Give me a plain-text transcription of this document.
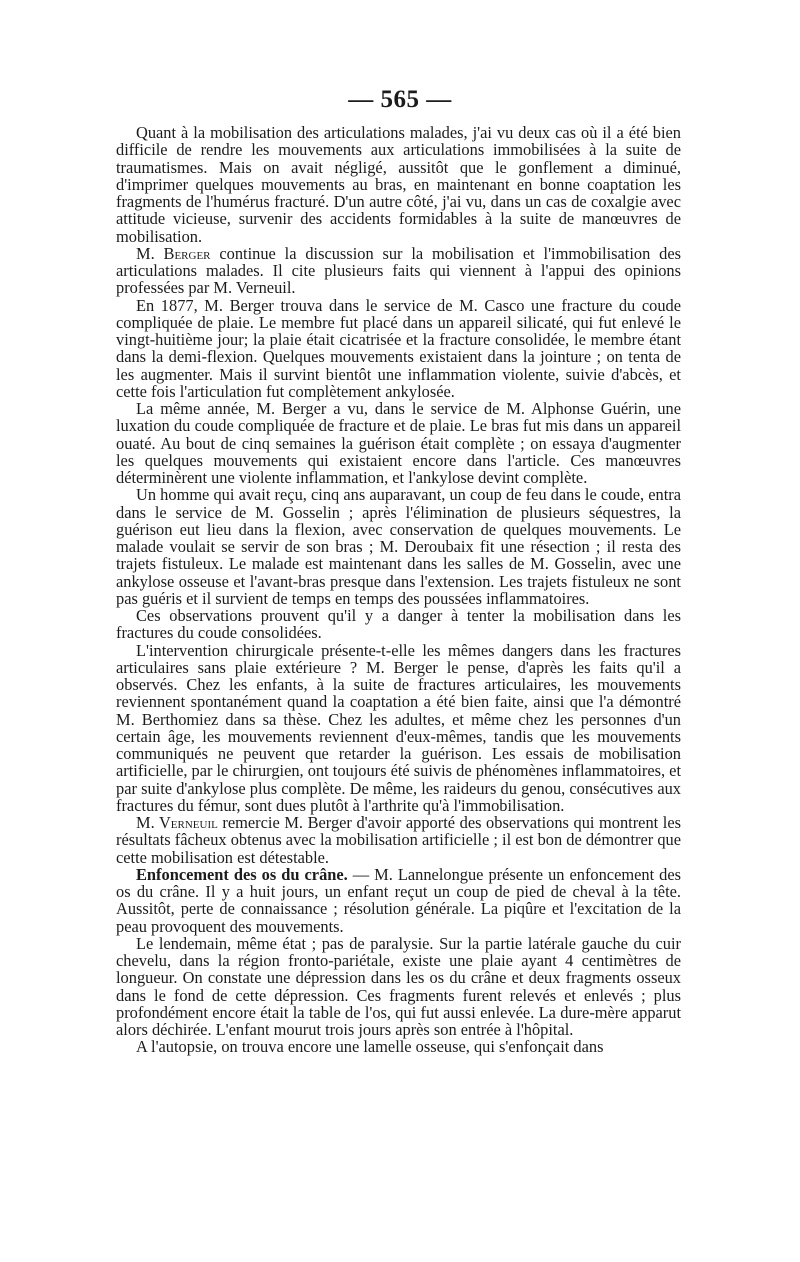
— 565 —

Quant à la mobilisation des articulations malades, j'ai vu deux cas où il a été bien difficile de rendre les mouvements aux articulations immobilisées à la suite de traumatismes. Mais on avait négligé, aussitôt que le gonflement a diminué, d'imprimer quelques mouvements au bras, en maintenant en bonne coaptation les fragments de l'humérus fracturé. D'un autre côté, j'ai vu, dans un cas de coxalgie avec attitude vicieuse, survenir des accidents formidables à la suite de manœuvres de mobilisation.

M. Berger continue la discussion sur la mobilisation et l'immobilisation des articulations malades. Il cite plusieurs faits qui viennent à l'appui des opinions professées par M. Verneuil.

En 1877, M. Berger trouva dans le service de M. Casco une fracture du coude compliquée de plaie. Le membre fut placé dans un appareil silicaté, qui fut enlevé le vingt-huitième jour; la plaie était cicatrisée et la fracture consolidée, le membre étant dans la demi-flexion. Quelques mouvements existaient dans la jointure ; on tenta de les augmenter. Mais il survint bientôt une inflammation violente, suivie d'abcès, et cette fois l'articulation fut complètement ankylosée.

La même année, M. Berger a vu, dans le service de M. Alphonse Guérin, une luxation du coude compliquée de fracture et de plaie. Le bras fut mis dans un appareil ouaté. Au bout de cinq semaines la guérison était complète ; on essaya d'augmenter les quelques mouvements qui existaient encore dans l'article. Ces manœuvres déterminèrent une violente inflammation, et l'ankylose devint complète.

Un homme qui avait reçu, cinq ans auparavant, un coup de feu dans le coude, entra dans le service de M. Gosselin ; après l'élimination de plusieurs séquestres, la guérison eut lieu dans la flexion, avec conservation de quelques mouvements. Le malade voulait se servir de son bras ; M. Deroubaix fit une résection ; il resta des trajets fistuleux. Le malade est maintenant dans les salles de M. Gosselin, avec une ankylose osseuse et l'avant-bras presque dans l'extension. Les trajets fistuleux ne sont pas guéris et il survient de temps en temps des poussées inflammatoires.

Ces observations prouvent qu'il y a danger à tenter la mobilisation dans les fractures du coude consolidées.

L'intervention chirurgicale présente-t-elle les mêmes dangers dans les fractures articulaires sans plaie extérieure ? M. Berger le pense, d'après les faits qu'il a observés. Chez les enfants, à la suite de fractures articulaires, les mouvements reviennent spontanément quand la coaptation a été bien faite, ainsi que l'a démontré M. Berthomiez dans sa thèse. Chez les adultes, et même chez les personnes d'un certain âge, les mouvements reviennent d'eux-mêmes, tandis que les mouvements communiqués ne peuvent que retarder la guérison. Les essais de mobilisation artificielle, par le chirurgien, ont toujours été suivis de phénomènes inflammatoires, et par suite d'ankylose plus complète. De même, les raideurs du genou, consécutives aux fractures du fémur, sont dues plutôt à l'arthrite qu'à l'immobilisation.

M. Verneuil remercie M. Berger d'avoir apporté des observations qui montrent les résultats fâcheux obtenus avec la mobilisation artificielle ; il est bon de démontrer que cette mobilisation est détestable.

Enfoncement des os du crâne. — M. Lannelongue présente un enfoncement des os du crâne. Il y a huit jours, un enfant reçut un coup de pied de cheval à la tête. Aussitôt, perte de connaissance ; résolution générale. La piqûre et l'excitation de la peau provoquent des mouvements.

Le lendemain, même état ; pas de paralysie. Sur la partie latérale gauche du cuir chevelu, dans la région fronto-pariétale, existe une plaie ayant 4 centimètres de longueur. On constate une dépression dans les os du crâne et deux fragments osseux dans le fond de cette dépression. Ces fragments furent relevés et enlevés ; plus profondément encore était la table de l'os, qui fut aussi enlevée. La dure-mère apparut alors déchirée. L'enfant mourut trois jours après son entrée à l'hôpital.

A l'autopsie, on trouva encore une lamelle osseuse, qui s'enfonçait dans
